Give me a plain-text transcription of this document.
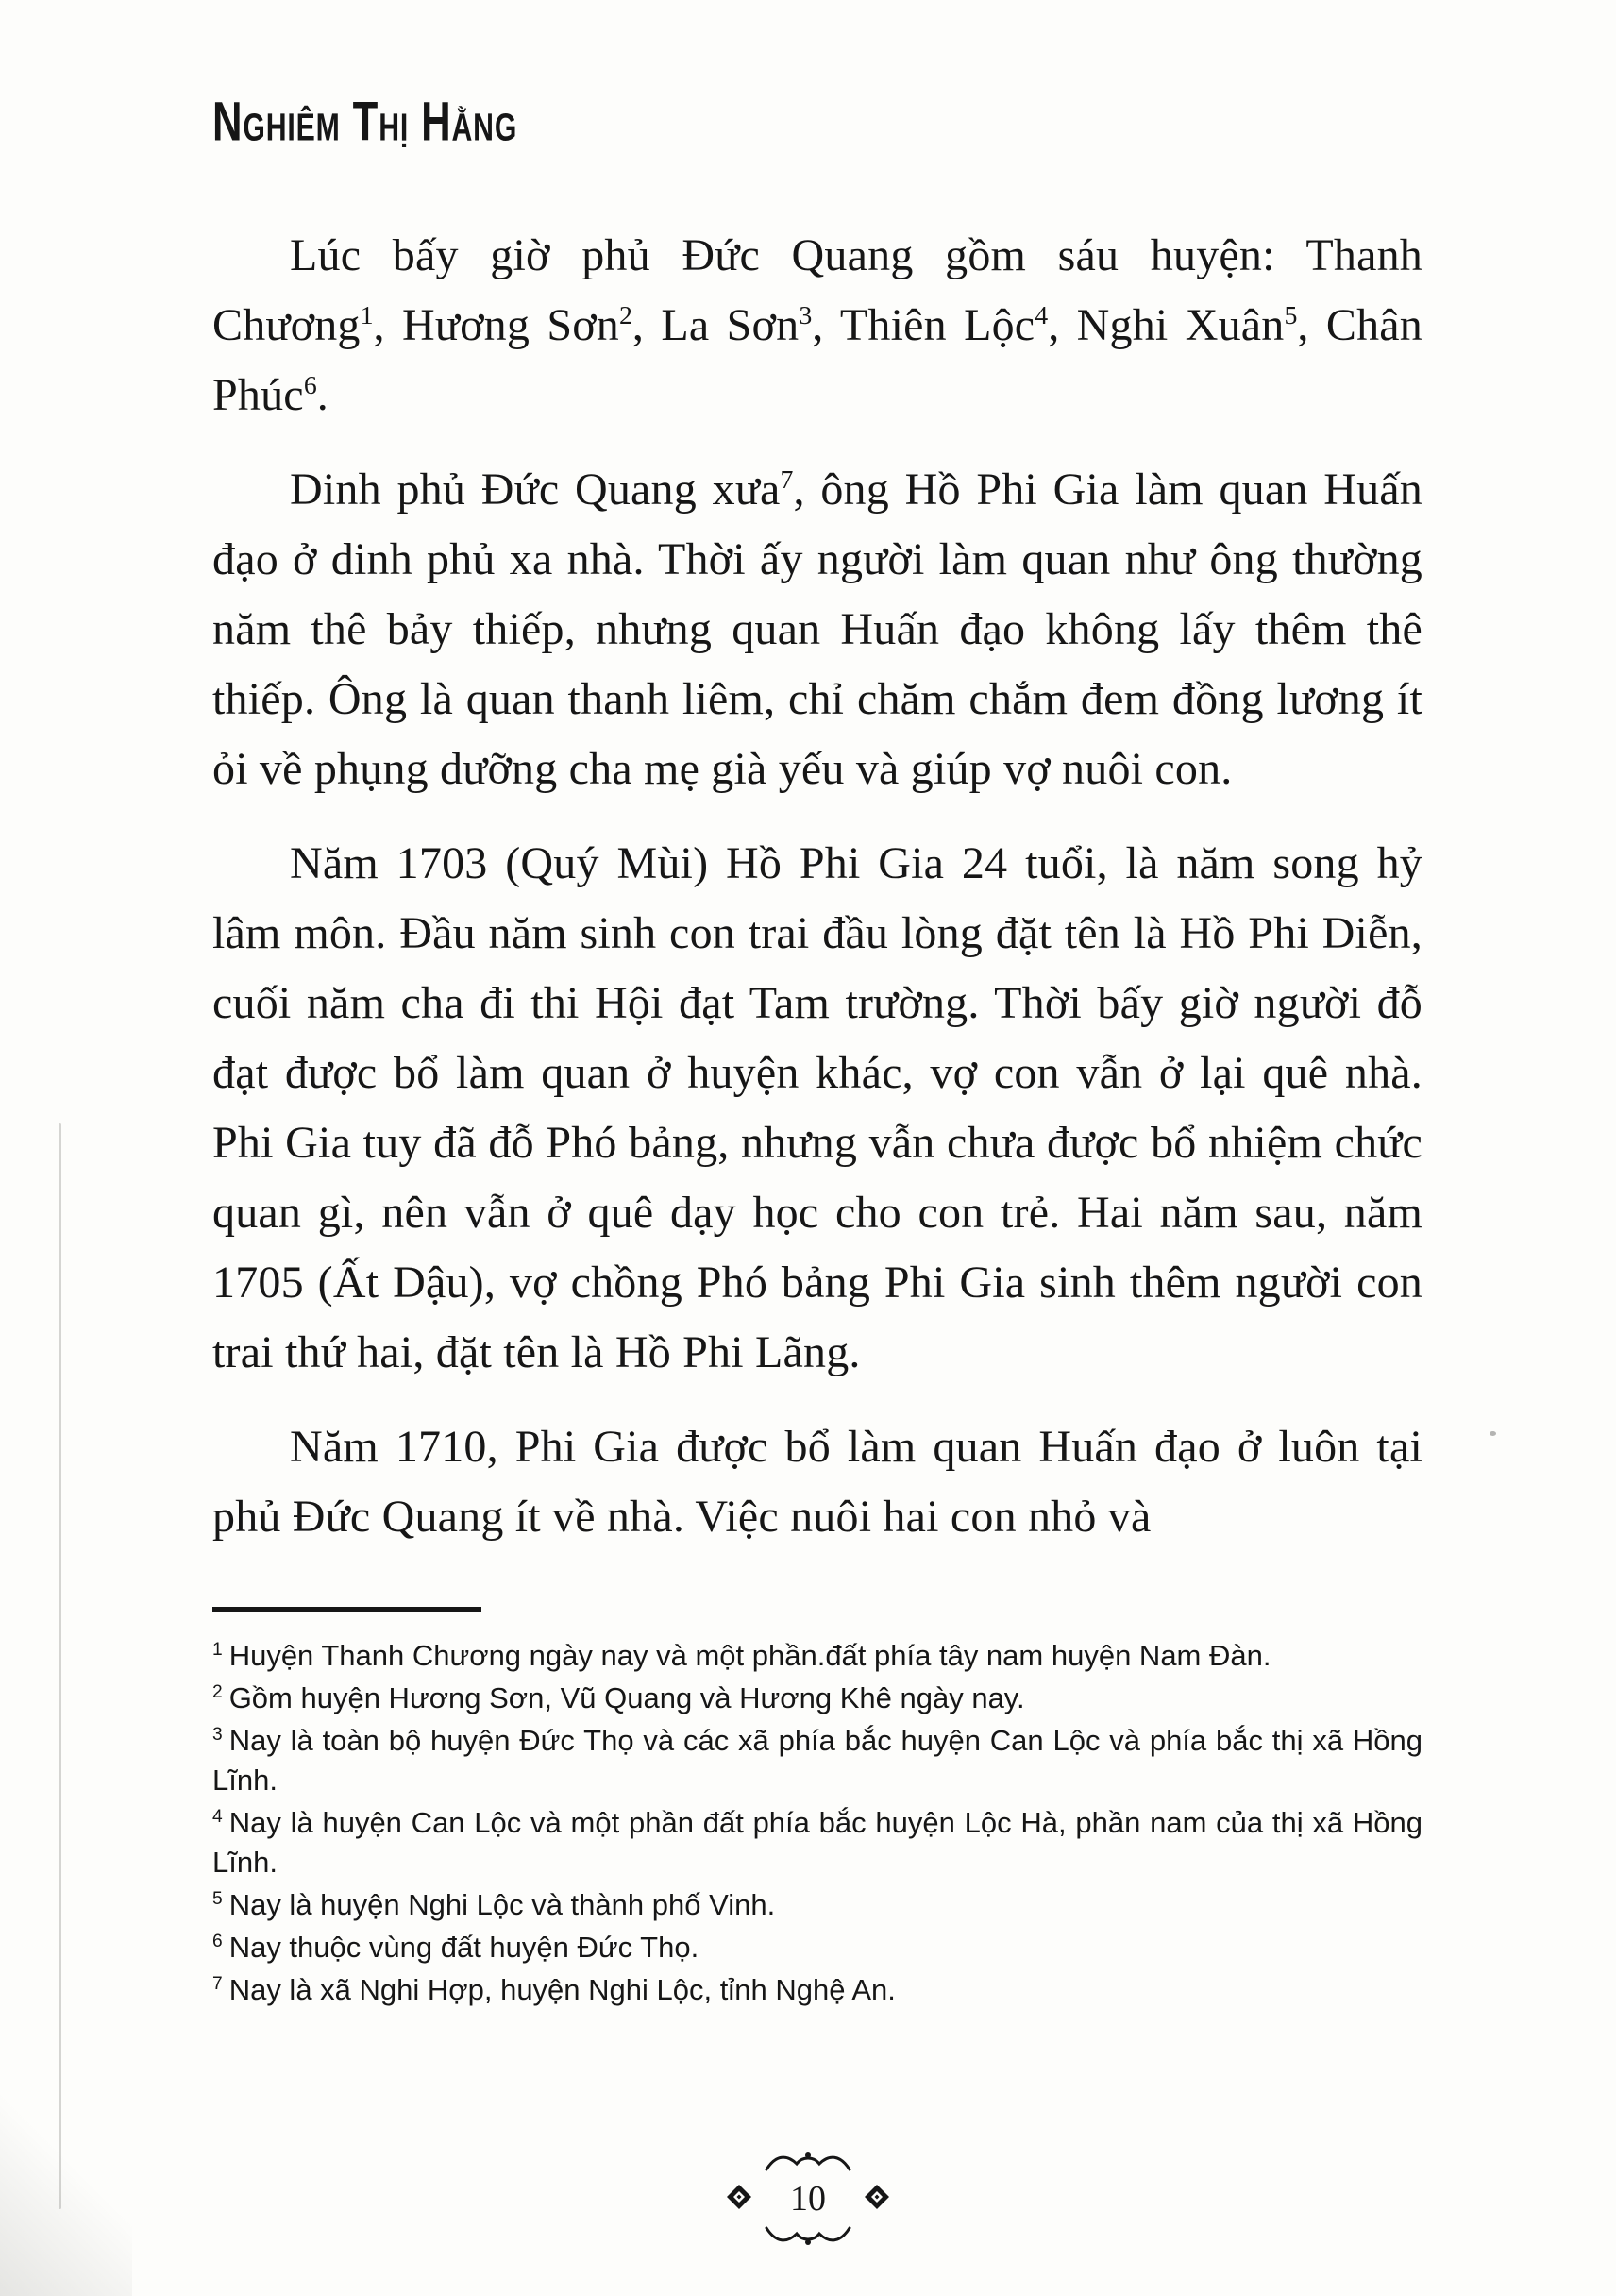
Nghiêm Thị Hằng

Lúc bấy giờ phủ Đức Quang gồm sáu huyện: Thanh Chương$^1$, Hương Sơn$^2$, La Sơn$^3$, Thiên Lộc$^4$, Nghi Xuân$^5$, Chân Phúc$^6$.

Dinh phủ Đức Quang xưa$^7$, ông Hồ Phi Gia làm quan Huấn đạo ở dinh phủ xa nhà. Thời ấy người làm quan như ông thường năm thê bảy thiếp, nhưng quan Huấn đạo không lấy thêm thê thiếp. Ông là quan thanh liêm, chỉ chăm chắm đem đồng lương ít ỏi về phụng dưỡng cha mẹ già yếu và giúp vợ nuôi con.

Năm 1703 (Quý Mùi) Hồ Phi Gia 24 tuổi, là năm song hỷ lâm môn. Đầu năm sinh con trai đầu lòng đặt tên là Hồ Phi Diễn, cuối năm cha đi thi Hội đạt Tam trường. Thời bấy giờ người đỗ đạt được bổ làm quan ở huyện khác, vợ con vẫn ở lại quê nhà. Phi Gia tuy đã đỗ Phó bảng, nhưng vẫn chưa được bổ nhiệm chức quan gì, nên vẫn ở quê dạy học cho con trẻ. Hai năm sau, năm 1705 (Ất Dậu), vợ chồng Phó bảng Phi Gia sinh thêm người con trai thứ hai, đặt tên là Hồ Phi Lãng.

Năm 1710, Phi Gia được bổ làm quan Huấn đạo ở luôn tại phủ Đức Quang ít về nhà. Việc nuôi hai con nhỏ và

$^1$ Huyện Thanh Chương ngày nay và một phần.đất phía tây nam huyện Nam Đàn.

$^2$ Gồm huyện Hương Sơn, Vũ Quang và Hương Khê ngày nay.

$^3$ Nay là toàn bộ huyện Đức Thọ và các xã phía bắc huyện Can Lộc và phía bắc thị xã Hồng Lĩnh.

$^4$ Nay là huyện Can Lộc và một phần đất phía bắc huyện Lộc Hà, phần nam của thị xã Hồng Lĩnh.

$^5$ Nay là huyện Nghi Lộc và thành phố Vinh.

$^6$ Nay thuộc vùng đất huyện Đức Thọ.

$^7$ Nay là xã Nghi Hợp, huyện Nghi Lộc, tỉnh Nghệ An.

10
